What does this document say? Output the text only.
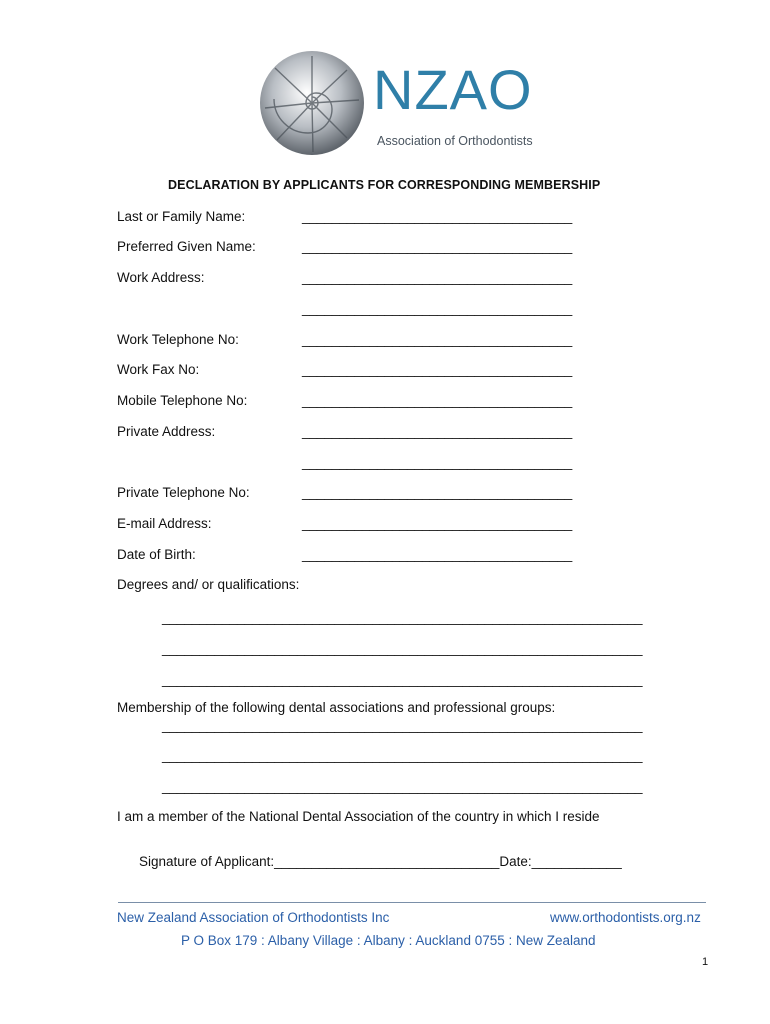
NZAO
Association of Orthodontists
DECLARATION BY APPLICANTS FOR CORRESPONDING MEMBERSHIP
Last or Family Name:	____________________________________
Preferred Given Name:	____________________________________
Work Address:	____________________________________
____________________________________
Work Telephone No:	____________________________________
Work Fax No:	____________________________________
Mobile Telephone No:	____________________________________
Private Address:	____________________________________
____________________________________
Private Telephone No:	____________________________________
E-mail Address:	____________________________________
Date of Birth:	____________________________________
Degrees and/ or qualifications:
________________________________________________________________
________________________________________________________________
________________________________________________________________
Membership of the following dental associations and professional groups:
________________________________________________________________
________________________________________________________________
________________________________________________________________
I am a member of the National Dental Association of the country in which I reside
Signature of Applicant:______________________________Date:____________
New Zealand Association of Orthodontists Inc	www.orthodontists.org.nz
P O Box 179 : Albany Village : Albany : Auckland 0755 : New Zealand
1
